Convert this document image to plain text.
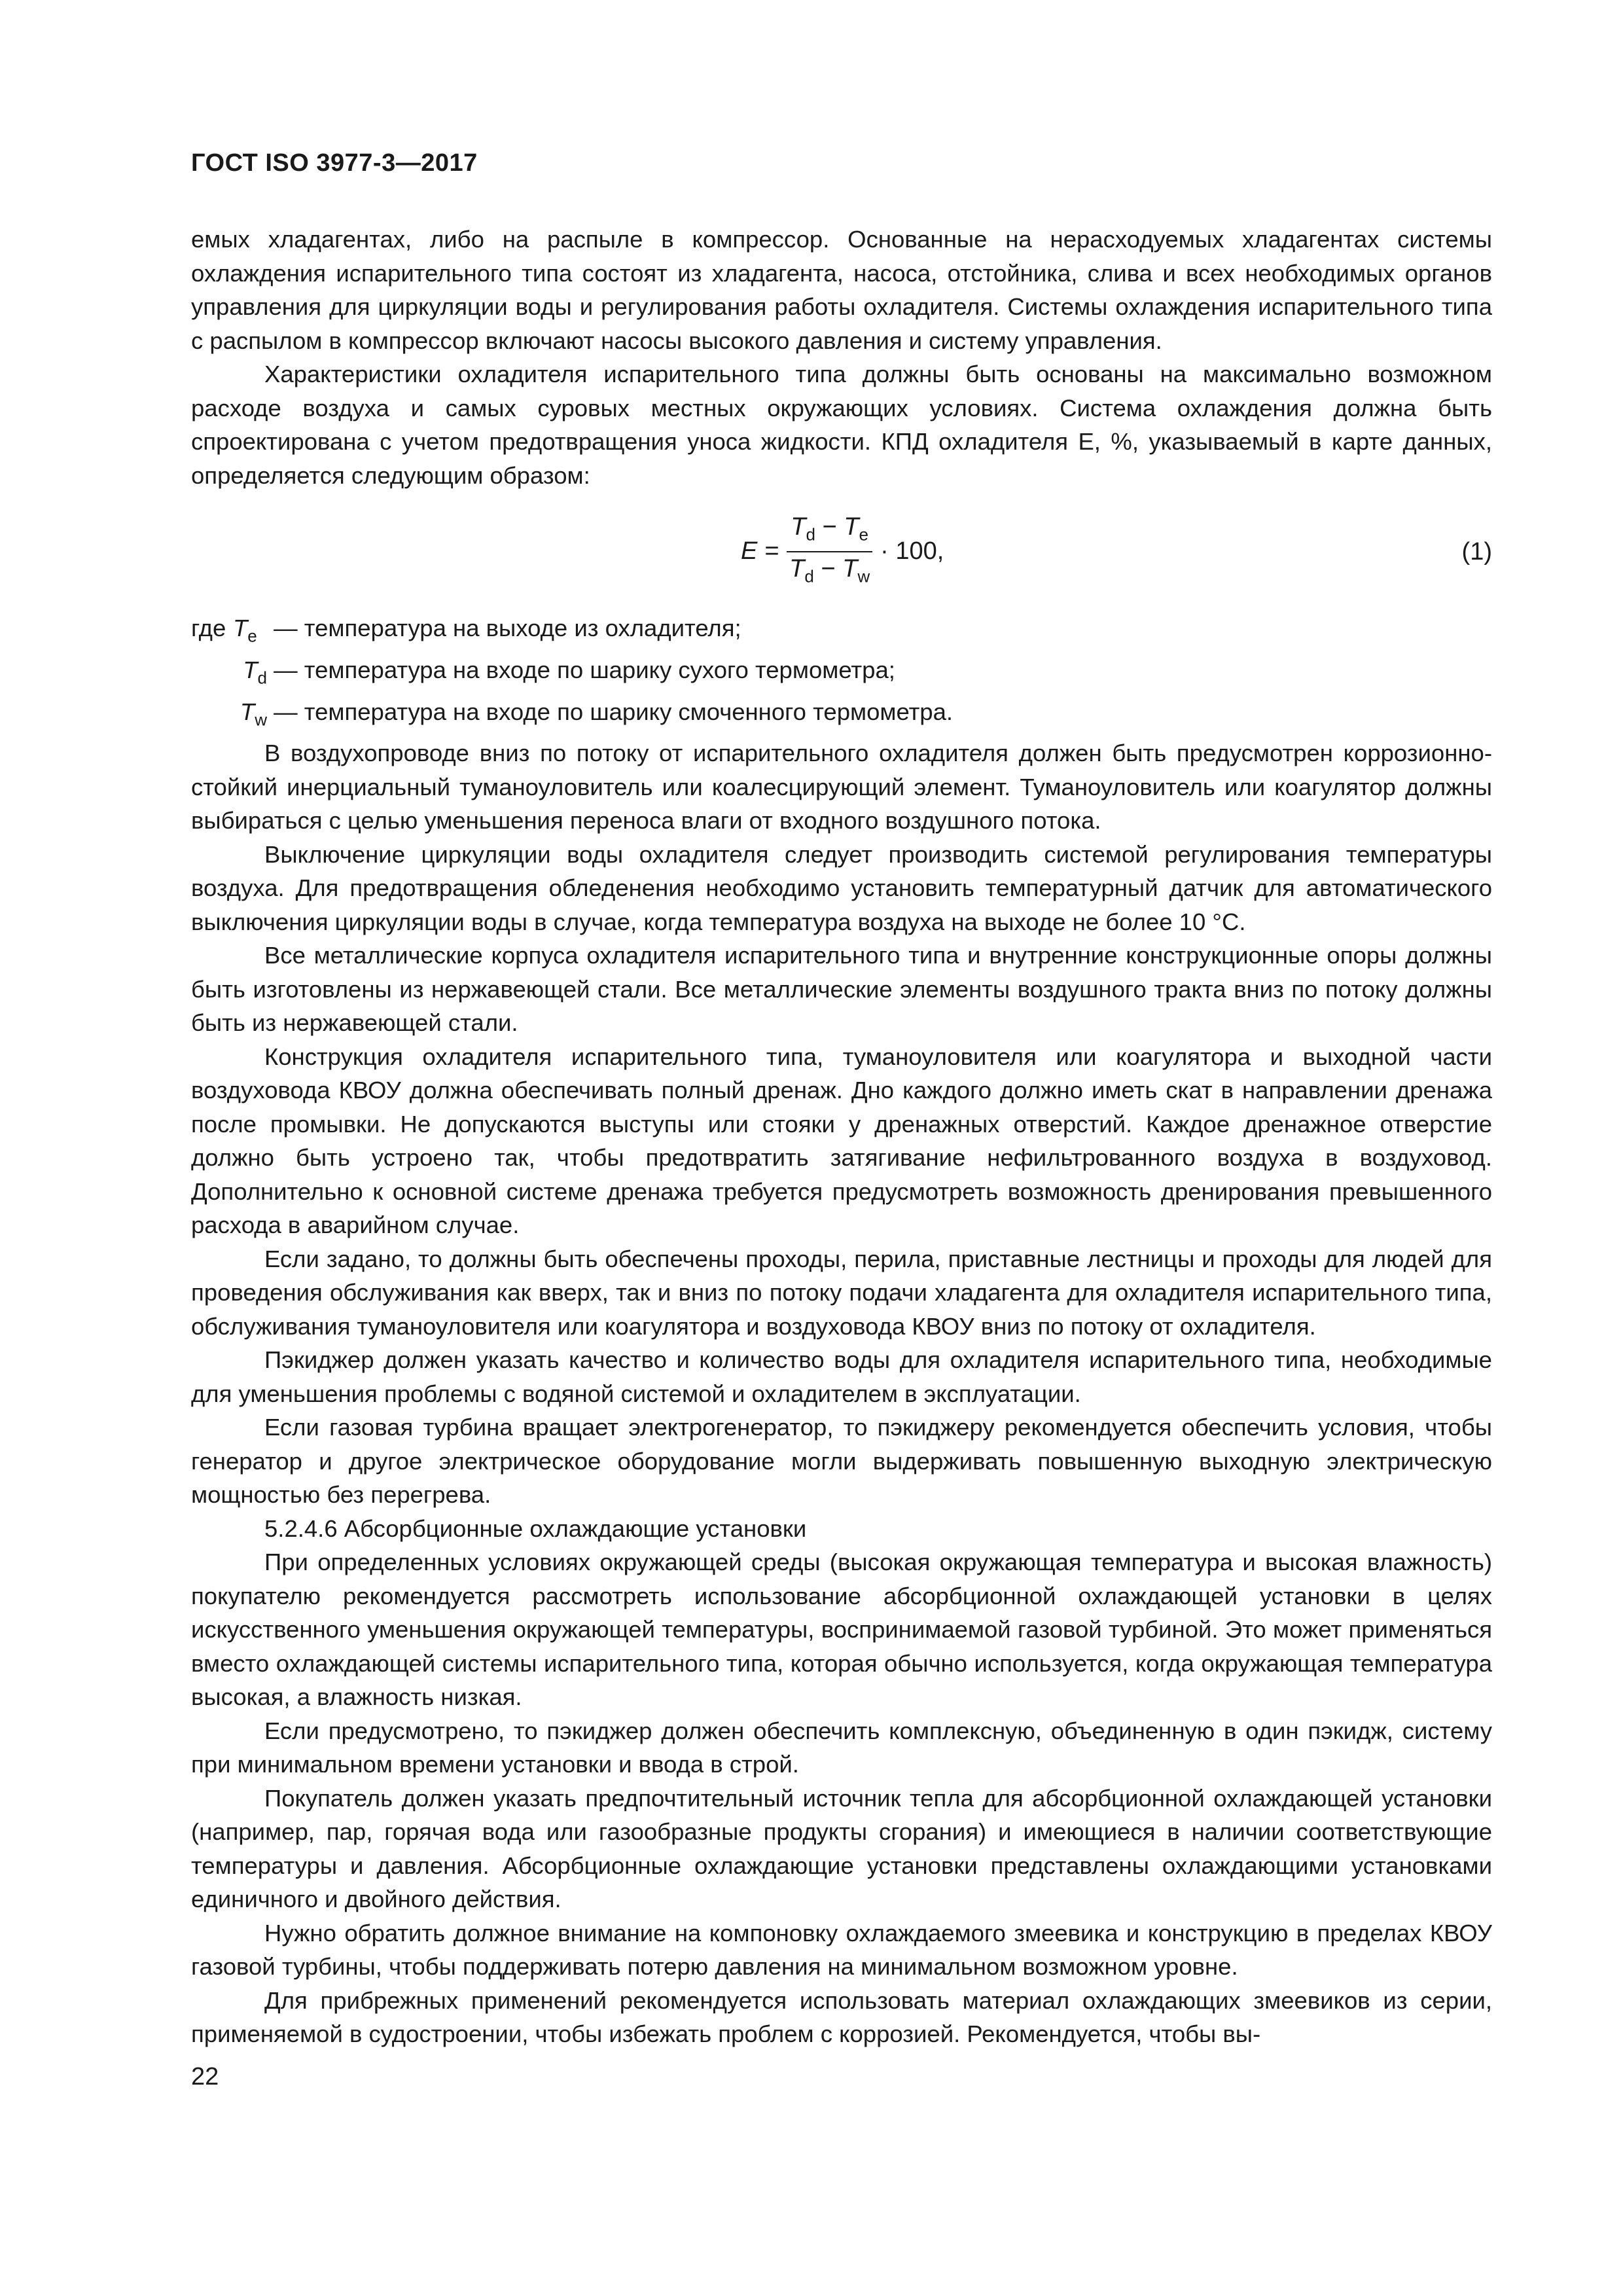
ГОСТ ISO 3977-3—2017

емых хладагентах, либо на распыле в компрессор. Основанные на нерасходуемых хладагентах системы охлаждения испарительного типа состоят из хладагента, насоса, отстойника, слива и всех необходимых органов управления для циркуляции воды и регулирования работы охладителя. Системы охлаждения испарительного типа с распылом в компрессор включают насосы высокого давления и систему управления.

Характеристики охладителя испарительного типа должны быть основаны на максимально возможном расходе воздуха и самых суровых местных окружающих условиях. Система охлаждения должна быть спроектирована с учетом предотвращения уноса жидкости. КПД охладителя E, %, указываемый в карте данных, определяется следующим образом:

$E = \frac{T_d - T_e}{T_d - T_w} \cdot 100$,	(1)
где $T_e$ — температура на выходе из охладителя;
$T_d$ — температура на входе по шарику сухого термометра;
$T_w$ — температура на входе по шарику смоченного термометра.

В воздухопроводе вниз по потоку от испарительного охладителя должен быть предусмотрен коррозионно-стойкий инерциальный туманоуловитель или коалесцирующий элемент. Туманоуловитель или коагулятор должны выбираться с целью уменьшения переноса влаги от входного воздушного потока.

Выключение циркуляции воды охладителя следует производить системой регулирования температуры воздуха. Для предотвращения обледенения необходимо установить температурный датчик для автоматического выключения циркуляции воды в случае, когда температура воздуха на выходе не более 10 °С.

Все металлические корпуса охладителя испарительного типа и внутренние конструкционные опоры должны быть изготовлены из нержавеющей стали. Все металлические элементы воздушного тракта вниз по потоку должны быть из нержавеющей стали.

Конструкция охладителя испарительного типа, туманоуловителя или коагулятора и выходной части воздуховода КВОУ должна обеспечивать полный дренаж. Дно каждого должно иметь скат в направлении дренажа после промывки. Не допускаются выступы или стояки у дренажных отверстий. Каждое дренажное отверстие должно быть устроено так, чтобы предотвратить затягивание нефильтрованного воздуха в воздуховод. Дополнительно к основной системе дренажа требуется предусмотреть возможность дренирования превышенного расхода в аварийном случае.

Если задано, то должны быть обеспечены проходы, перила, приставные лестницы и проходы для людей для проведения обслуживания как вверх, так и вниз по потоку подачи хладагента для охладителя испарительного типа, обслуживания туманоуловителя или коагулятора и воздуховода КВОУ вниз по потоку от охладителя.

Пэкиджер должен указать качество и количество воды для охладителя испарительного типа, необходимые для уменьшения проблемы с водяной системой и охладителем в эксплуатации.

Если газовая турбина вращает электрогенератор, то пэкиджеру рекомендуется обеспечить условия, чтобы генератор и другое электрическое оборудование могли выдерживать повышенную выходную электрическую мощностью без перегрева.

5.2.4.6 Абсорбционные охлаждающие установки

При определенных условиях окружающей среды (высокая окружающая температура и высокая влажность) покупателю рекомендуется рассмотреть использование абсорбционной охлаждающей установки в целях искусственного уменьшения окружающей температуры, воспринимаемой газовой турбиной. Это может применяться вместо охлаждающей системы испарительного типа, которая обычно используется, когда окружающая температура высокая, а влажность низкая.

Если предусмотрено, то пэкиджер должен обеспечить комплексную, объединенную в один пэкидж, систему при минимальном времени установки и ввода в строй.

Покупатель должен указать предпочтительный источник тепла для абсорбционной охлаждающей установки (например, пар, горячая вода или газообразные продукты сгорания) и имеющиеся в наличии соответствующие температуры и давления. Абсорбционные охлаждающие установки представлены охлаждающими установками единичного и двойного действия.

Нужно обратить должное внимание на компоновку охлаждаемого змеевика и конструкцию в пределах КВОУ газовой турбины, чтобы поддерживать потерю давления на минимальном возможном уровне.

Для прибрежных применений рекомендуется использовать материал охлаждающих змеевиков из серии, применяемой в судостроении, чтобы избежать проблем с коррозией. Рекомендуется, чтобы вы-

22
